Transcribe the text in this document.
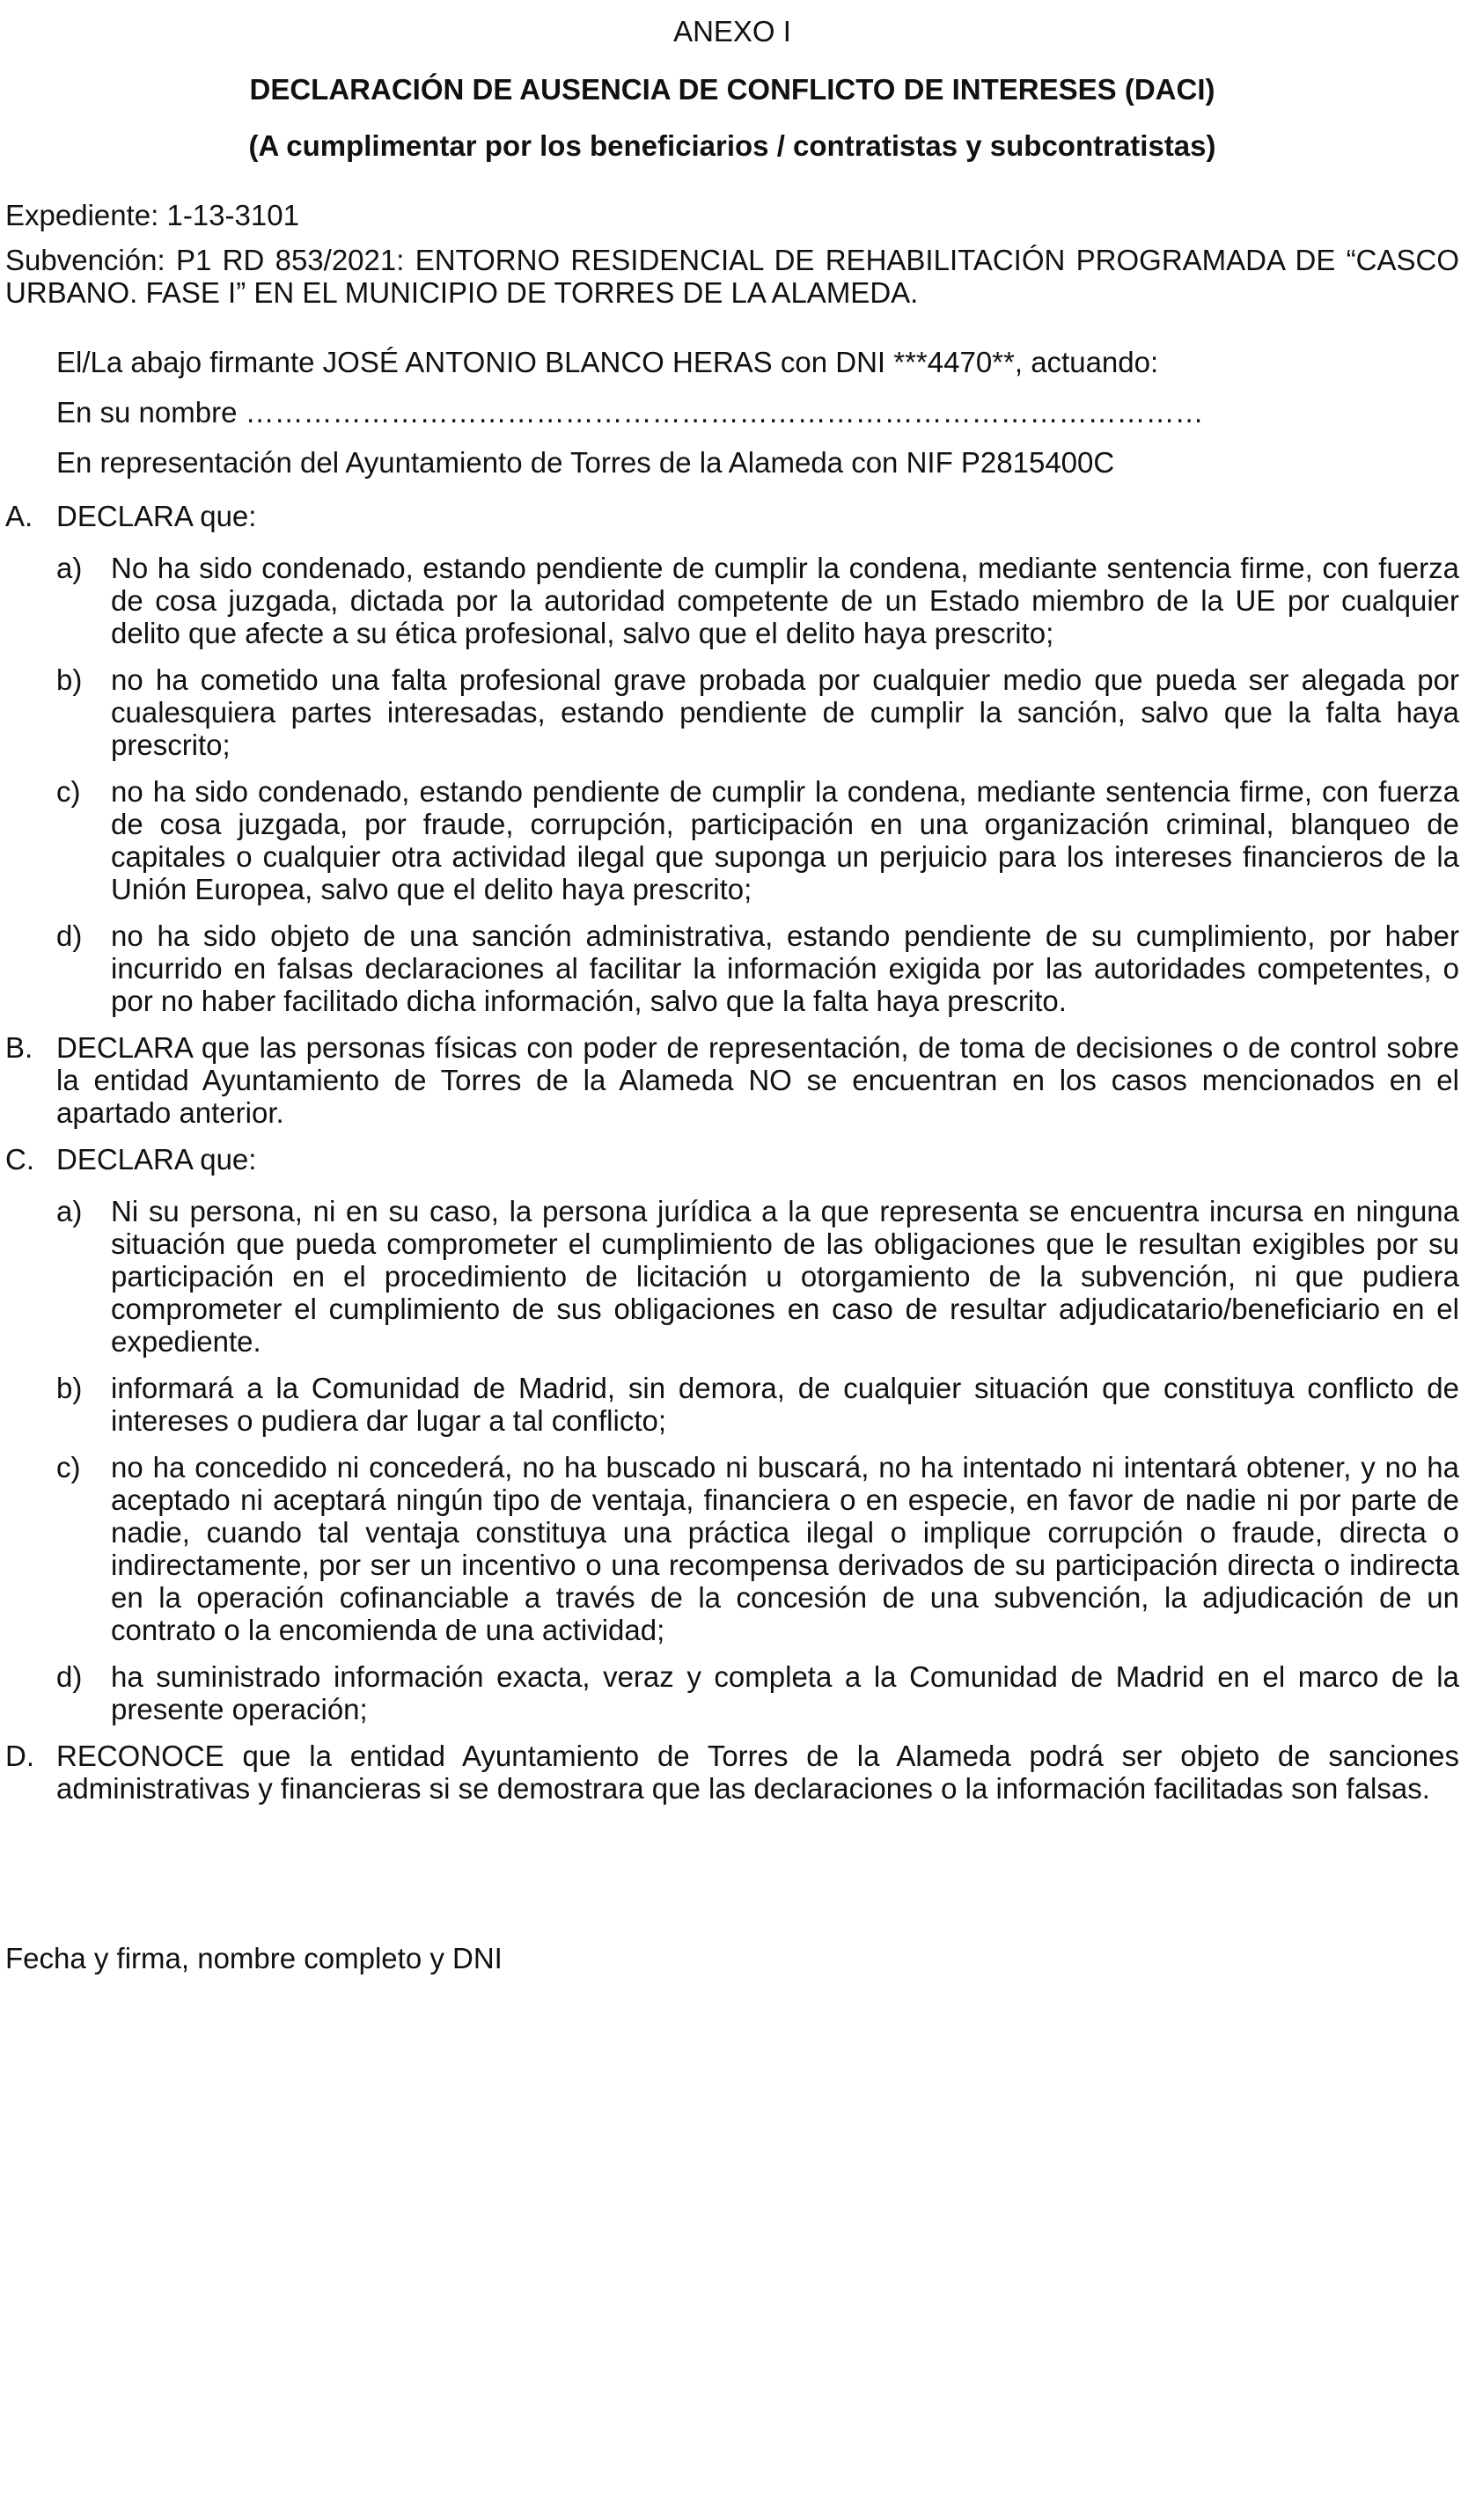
ANEXO I
DECLARACIÓN DE AUSENCIA DE CONFLICTO DE INTERESES (DACI)
(A cumplimentar por los beneficiarios / contratistas y subcontratistas)
Expediente: 1-13-3101
Subvención: P1 RD 853/2021: ENTORNO RESIDENCIAL DE REHABILITACIÓN PROGRAMADA DE “CASCO URBANO. FASE I” EN EL MUNICIPIO DE TORRES DE LA ALAMEDA.
El/La abajo firmante JOSÉ ANTONIO BLANCO HERAS con DNI ***4470**, actuando:
En su nombre ………………………………………………………………………………………
En representación del Ayuntamiento de Torres de la Alameda con NIF P2815400C
A. DECLARA que:
a) No ha sido condenado, estando pendiente de cumplir la condena, mediante sentencia firme, con fuerza de cosa juzgada, dictada por la autoridad competente de un Estado miembro de la UE por cualquier delito que afecte a su ética profesional, salvo que el delito haya prescrito;
b) no ha cometido una falta profesional grave probada por cualquier medio que pueda ser alegada por cualesquiera partes interesadas, estando pendiente de cumplir la sanción, salvo que la falta haya prescrito;
c)	no ha sido condenado, estando pendiente de cumplir la condena, mediante sentencia firme, con fuerza de cosa juzgada, por fraude, corrupción, participación en una organización criminal, blanqueo de capitales o cualquier otra actividad ilegal que suponga un perjuicio para los intereses financieros de la Unión Europea, salvo que el delito haya prescrito;
d) no ha sido objeto de una sanción administrativa, estando pendiente de su cumplimiento, por haber incurrido en falsas declaraciones al facilitar la información exigida por las autoridades competentes, o por no haber facilitado dicha información, salvo que la falta haya prescrito.
B. DECLARA que las personas físicas con poder de representación, de toma de decisiones o de control sobre la entidad Ayuntamiento de Torres de la Alameda NO se encuentran en los casos mencionados en el apartado anterior.
C. DECLARA que:
a) Ni su persona, ni en su caso, la persona jurídica a la que representa se encuentra incursa en ninguna situación que pueda comprometer el cumplimiento de las obligaciones que le resultan exigibles por su participación en el procedimiento de licitación u otorgamiento de la subvención, ni que pudiera comprometer el cumplimiento de sus obligaciones en caso de resultar adjudicatario/beneficiario en el expediente.
b) informará a la Comunidad de Madrid, sin demora, de cualquier situación que constituya conflicto de intereses o pudiera dar lugar a tal conflicto;
c)	no ha concedido ni concederá, no ha buscado ni buscará, no ha intentado ni intentará obtener, y no ha aceptado ni aceptará ningún tipo de ventaja, financiera o en especie, en favor de nadie ni por parte de nadie, cuando tal ventaja constituya una práctica ilegal o implique corrupción o fraude, directa o indirectamente, por ser un incentivo o una recompensa derivados de su participación directa o indirecta en la operación cofinanciable a través de la concesión de una subvención, la adjudicación de un contrato o la encomienda de una actividad;
d) ha suministrado información exacta, veraz y completa a la Comunidad de Madrid en el marco de la presente operación;
D. RECONOCE que la entidad Ayuntamiento de Torres de la Alameda podrá ser objeto de sanciones administrativas y financieras si se demostrara que las declaraciones o la información facilitadas son falsas.
Fecha y firma, nombre completo y DNI
